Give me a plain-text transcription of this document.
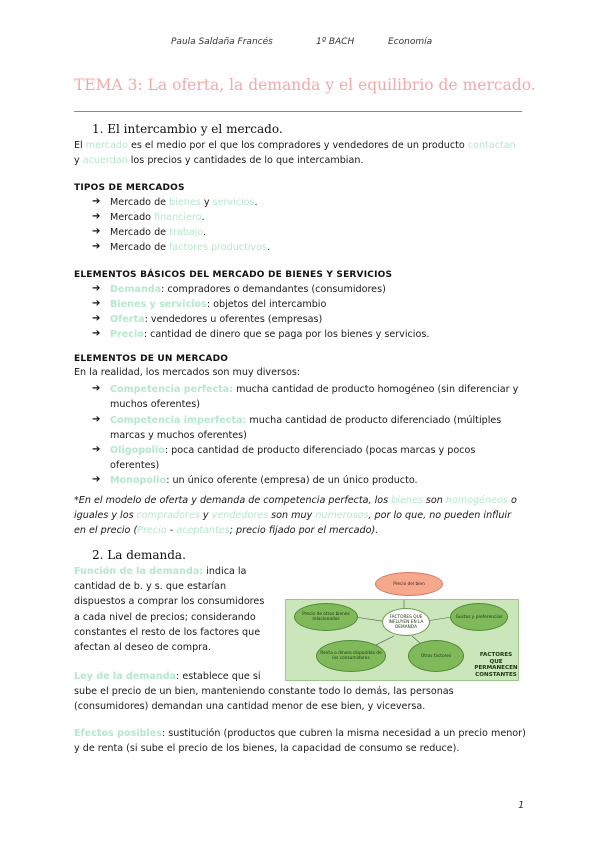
Paula Saldaña Francés	1º BACH	Economía
TEMA 3: La oferta, la demanda y el equilibrio de mercado.
1. El intercambio y el mercado.
El mercado es el medio por el que los compradores y vendedores de un producto contactan
y acuerdan los precios y cantidades de lo que intercambian.
TIPOS DE MERCADOS
➔ Mercado de bienes y servicios.
➔ Mercado financiero.
➔ Mercado de trabajo.
➔ Mercado de factores productivos.
ELEMENTOS BÁSICOS DEL MERCADO DE BIENES Y SERVICIOS
➔ Demanda: compradores o demandantes (consumidores)
➔ Bienes y servicios: objetos del intercambio
➔ Oferta: vendedores u oferentes (empresas)
➔ Precio: cantidad de dinero que se paga por los bienes y servicios.
ELEMENTOS DE UN MERCADO
En la realidad, los mercados son muy diversos:
➔ Competencia perfecta: mucha cantidad de producto homogéneo (sin diferenciar y
muchos oferentes)
➔ Competencia imperfecta: mucha cantidad de producto diferenciado (múltiples
marcas y muchos oferentes)
➔ Oligopolio: poca cantidad de producto diferenciado (pocas marcas y pocos
oferentes)
➔ Monopolio: un único oferente (empresa) de un único producto.
*En el modelo de oferta y demanda de competencia perfecta, los bienes son homogéneos o
iguales y los compradores y vendedores son muy numerosos, por lo que, no pueden influir
en el precio (Precio - aceptantes; precio fijado por el mercado).
2. La demanda.
Función de la demanda: indica la
cantidad de b. y s. que estarían
dispuestos a comprar los consumidores
a cada nivel de precios; considerando
constantes el resto de los factores que
afectan al deseo de compra.
Ley de la demanda: establece que si
sube el precio de un bien, manteniendo constante todo lo demás, las personas
(consumidores) demandan una cantidad menor de ese bien, y viceversa.
Efectos posibles: sustitución (productos que cubren la misma necesidad a un precio menor)
y de renta (si sube el precio de los bienes, la capacidad de consumo se reduce).
Precio del bien
Precio de otros bienes relacionados	FACTORES QUE INFLUYEN EN LA DEMANDA
Gustos y preferencias
Renta o dinero disponible de los consumidores	Otros factores	FACTORES QUE PERMANECEN CONSTANTES
1
